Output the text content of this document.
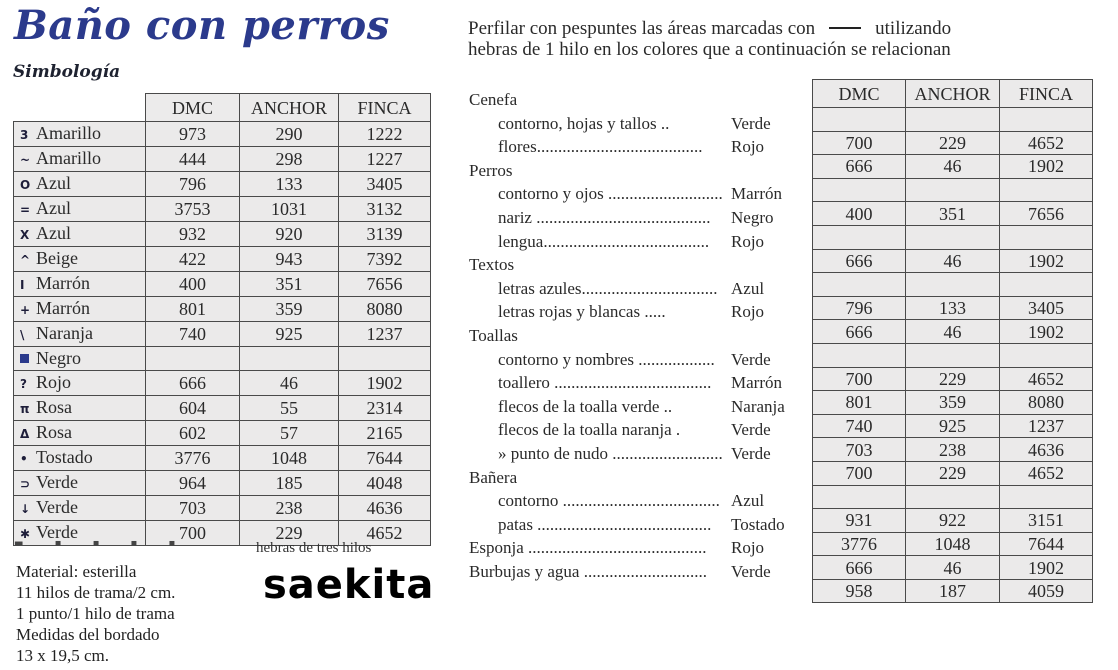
Baño con perros
Simbología
	DMC	ANCHOR	FINCA
3 Amarillo	973	290	1222
~ Amarillo	444	298	1227
O Azul	796	133	3405
= Azul	3753	1031	3132
X Azul	932	920	3139
^ Beige	422	943	7392
I Marrón	400	351	7656
+ Marrón	801	359	8080
\ Naranja	740	925	1237
Negro			
? Rojo	666	46	1902
π Rosa	604	55	2314
Δ Rosa	602	57	2165
• Tostado	3776	1048	7644
⊃ Verde	964	185	4048
↓ Verde	703	238	4636
✱ Verde	700	229	4652
▬ ▪ ▪ ▪ ▪	hebras de tres hilos
saekita
Material: esterilla
11 hilos de trama/2 cm.
1 punto/1 hilo de trama
Medidas del bordado
13 x 19,5 cm.
Perfilar con pespuntes las áreas marcadas con	utilizando
hebras de 1 hilo en los colores que a continuación se relacionan
Cenefa
contorno, hojas y tallos ..	Verde
flores....................................... Rojo
Perros
contorno y ojos ........................... Marrón
nariz ......................................... Negro
lengua....................................... Rojo
Textos
letras azules................................ Azul
letras rojas y blancas .....	Rojo
Toallas
contorno y nombres .................. Verde
toallero ..................................... Marrón
flecos de la toalla verde ..	Naranja
flecos de la toalla naranja .	Verde
» punto de nudo .......................... Verde
Bañera
contorno ..................................... Azul
patas ......................................... Tostado
Esponja .......................................... Rojo
Burbujas y agua ............................. Verde
DMC	ANCHOR	FINCA

700	229	4652
666	46	1902

400	351	7656

666	46	1902

796	133	3405
666	46	1902

700	229	4652
801	359	8080
740	925	1237
703	238	4636
700	229	4652

931	922	3151
3776	1048	7644
666	46	1902
958	187	4059
